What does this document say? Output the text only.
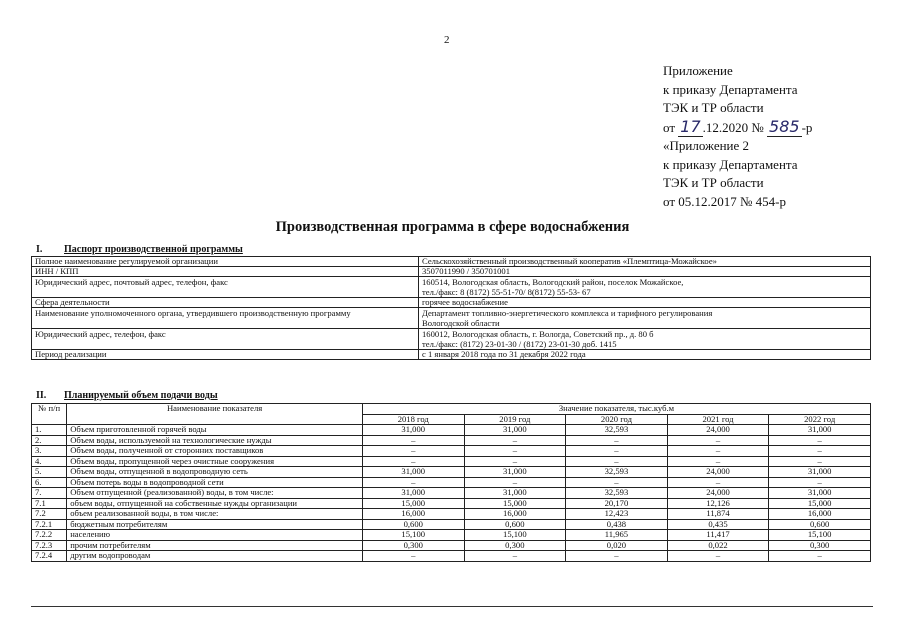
2
Приложение
к приказу Департамента
ТЭК и ТР области
от 17 .12.2020 № 585 -р
«Приложение 2
к приказу Департамента
ТЭК и ТР области
от 05.12.2017 № 454-р
Производственная программа в сфере водоснабжения
I. Паспорт производственной программы
Полное наименование регулируемой организации	Сельскохозяйственный производственный кооператив «Племптица-Можайское»

ИНН / КПП	3507011990 / 350701001

Юридический адрес, почтовый адрес, телефон, факс	160514, Вологодская область, Вологодский район, поселок Можайское,
тел./факс: 8 (8172) 55-51-70/ 8(8172) 55-53- 67

Сфера деятельности	горячее водоснабжение

Наименование уполномоченного органа, утвердившего производственную программу	Департамент топливно-энергетического комплекса и тарифного регулирования
Вологодской области

Юридический адрес, телефон, факс	160012, Вологодская область, г. Вологда, Советский пр., д. 80 б
тел./факс: (8172) 23-01-30 / (8172) 23-01-30 доб. 1415

Период реализации	с 1 января 2018 года по 31 декабря 2022 года
II. Планируемый объем подачи воды
№ п/п	Наименование показателя	Значение показателя, тыс.куб.м				
		2018 год	2019 год	2020 год	2021 год	2022 год
1.	Объем приготовленной горячей воды	31,000	31,000	32,593	24,000	31,000
2.	Объем воды, используемой на технологические нужды	–	–	–	–	–
3.	Объем воды, полученной от сторонних поставщиков	–	–	–	–	–
4.	Объем воды, пропущенной через очистные сооружения	–	–	–	–	–
5.	Объем воды, отпущенной в водопроводную сеть	31,000	31,000	32,593	24,000	31,000
6.	Объем потерь воды в водопроводной сети	–	–	–	–	–
7.	Объем отпущенной (реализованной) воды, в том числе:	31,000	31,000	32,593	24,000	31,000
7.1	объем воды, отпущенной на собственные нужды организации	15,000	15,000	20,170	12,126	15,000
7.2	объем реализованной воды, в том числе:	16,000	16,000	12,423	11,874	16,000
7.2.1	бюджетным потребителям	0,600	0,600	0,438	0,435	0,600
7.2.2	населению	15,100	15,100	11,965	11,417	15,100
7.2.3	прочим потребителям	0,300	0,300	0,020	0,022	0,300
7.2.4	другим водопроводам	–	–	–	–	–
